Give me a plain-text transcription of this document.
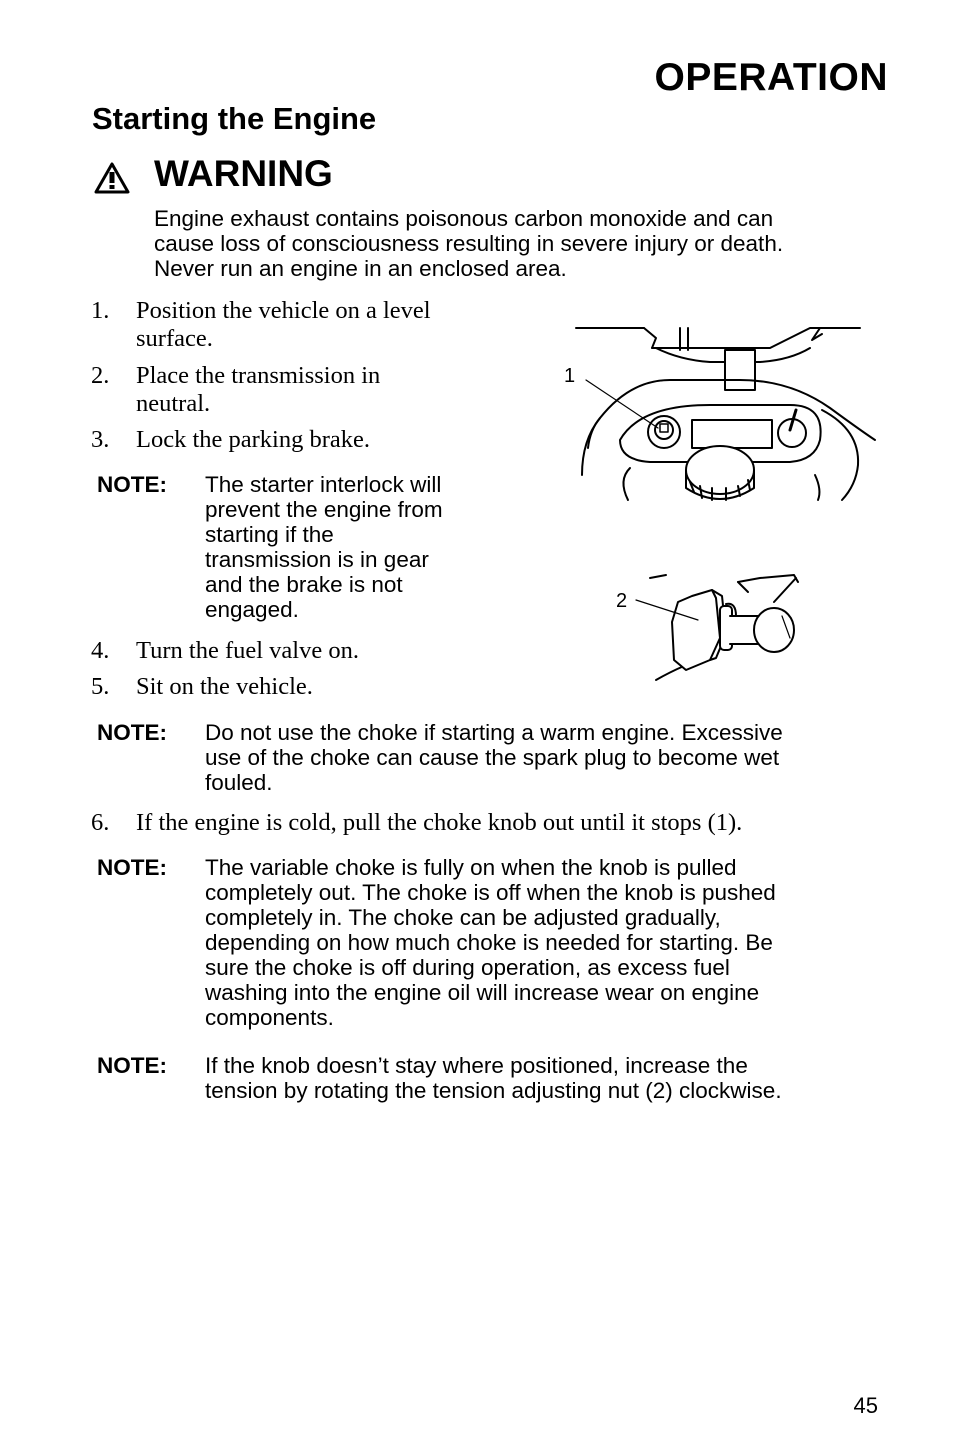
OPERATION
Starting the Engine
WARNING
Engine exhaust contains poisonous carbon monoxide and can
cause loss of consciousness resulting in severe injury or death.
Never run an engine in an enclosed area.
1. Position the vehicle on a level
surface.
2. Place the transmission in
neutral.
3. Lock the parking brake.
NOTE: The starter interlock will
prevent the engine from
starting if the
transmission is in gear
and the brake is not
engaged.
4. Turn the fuel valve on.
5. Sit on the vehicle.
NOTE: Do not use the choke if starting a warm engine. Excessive
use of the choke can cause the spark plug to become wet
fouled.
6. If the engine is cold, pull the choke knob out until it stops (1).
NOTE: The variable choke is fully on when the knob is pulled
completely out. The choke is off when the knob is pushed
completely in. The choke can be adjusted gradually,
depending on how much choke is needed for starting. Be
sure the choke is off during operation, as excess fuel
washing into the engine oil will increase wear on engine
components.
NOTE: If the knob doesn’t stay where positioned, increase the
tension by rotating the tension adjusting nut (2) clockwise.
1
2
45
